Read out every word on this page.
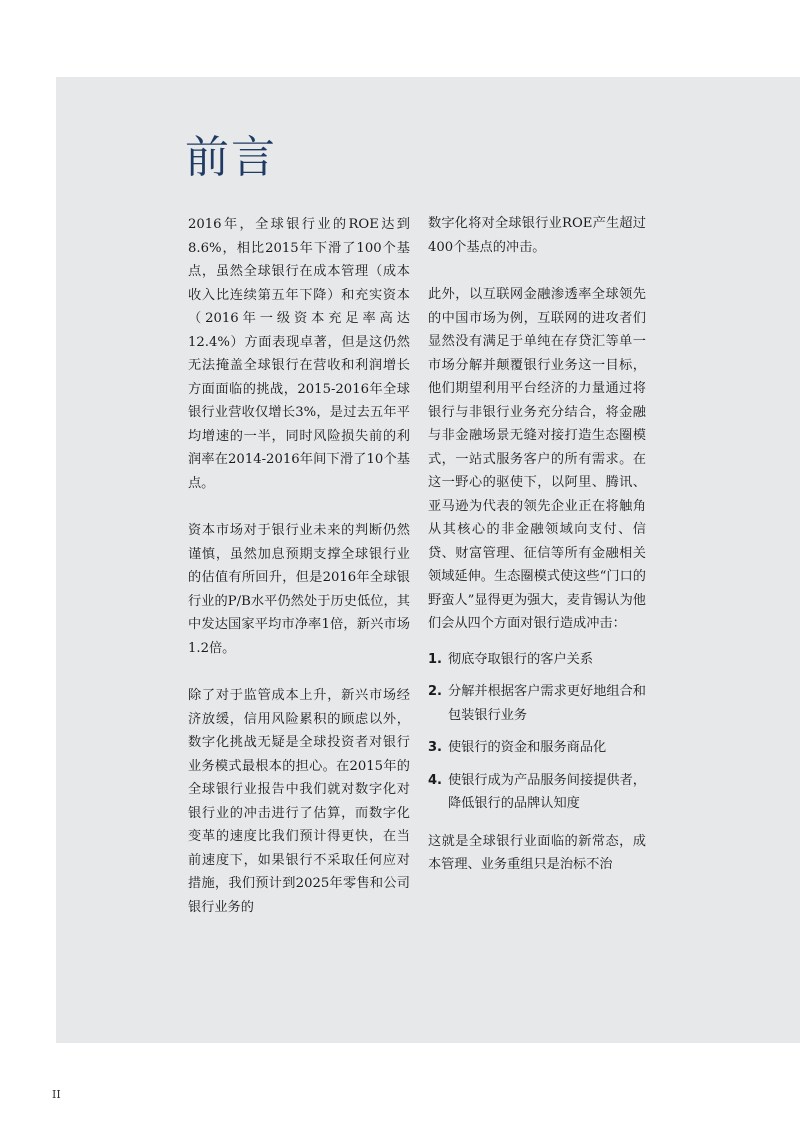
前言

2016年，全球银行业的ROE达到8.6%，相比2015年下滑了100个基点，虽然全球银行在成本管理（成本收入比连续第五年下降）和充实资本（2016年一级资本充足率高达12.4%）方面表现卓著，但是这仍然无法掩盖全球银行在营收和利润增长方面面临的挑战，2015-2016年全球银行业营收仅增长3%，是过去五年平均增速的一半，同时风险损失前的利润率在2014-2016年间下滑了10个基点。

资本市场对于银行业未来的判断仍然谨慎，虽然加息预期支撑全球银行业的估值有所回升，但是2016年全球银行业的P/B水平仍然处于历史低位，其中发达国家平均市净率1倍，新兴市场1.2倍。

除了对于监管成本上升，新兴市场经济放缓，信用风险累积的顾虑以外，数字化挑战无疑是全球投资者对银行业务模式最根本的担心。在2015年的全球银行业报告中我们就对数字化对银行业的冲击进行了估算，而数字化变革的速度比我们预计得更快，在当前速度下，如果银行不采取任何应对措施，我们预计到2025年零售和公司银行业务的

数字化将对全球银行业ROE产生超过400个基点的冲击。

此外，以互联网金融渗透率全球领先的中国市场为例，互联网的进攻者们显然没有满足于单纯在存贷汇等单一市场分解并颠覆银行业务这一目标，他们期望利用平台经济的力量通过将银行与非银行业务充分结合，将金融与非金融场景无缝对接打造生态圈模式，一站式服务客户的所有需求。在这一野心的驱使下，以阿里、腾讯、亚马逊为代表的领先企业正在将触角从其核心的非金融领域向支付、信贷、财富管理、征信等所有金融相关领域延伸。生态圈模式使这些“门口的野蛮人”显得更为强大，麦肯锡认为他们会从四个方面对银行造成冲击：

1. 彻底夺取银行的客户关系
2. 分解并根据客户需求更好地组合和包装银行业务
3. 使银行的资金和服务商品化
4. 使银行成为产品服务间接提供者，降低银行的品牌认知度

这就是全球银行业面临的新常态，成本管理、业务重组只是治标不治

II
